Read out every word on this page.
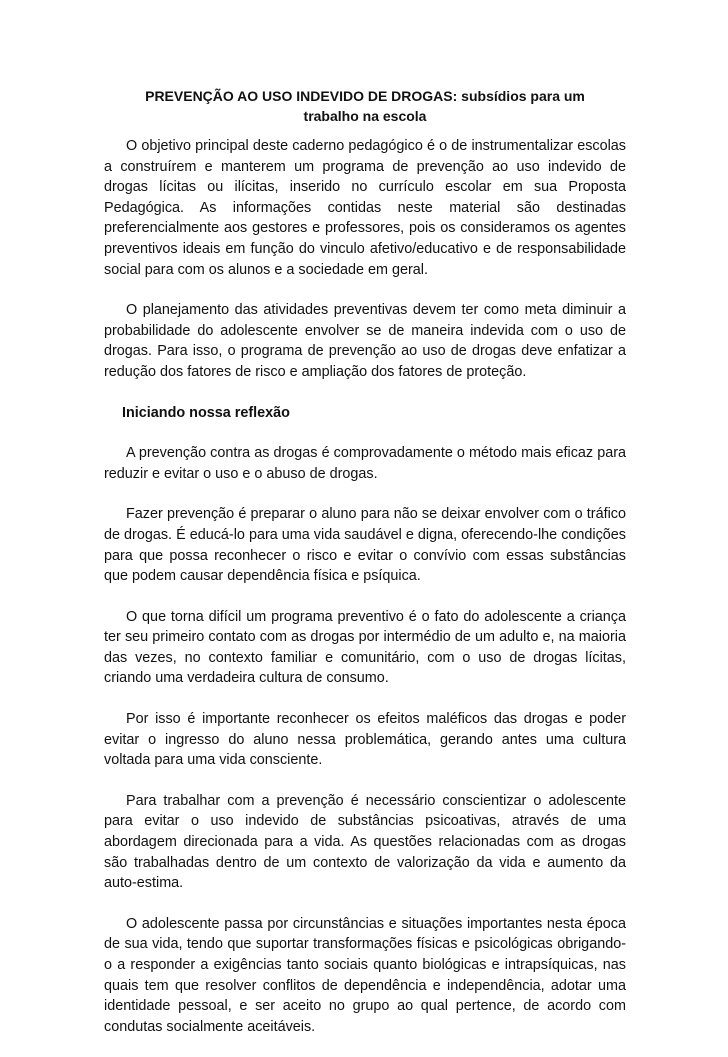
PREVENÇÃO AO USO INDEVIDO DE DROGAS: subsídios para um
trabalho na escola

O objetivo principal deste caderno pedagógico é o de instrumentalizar escolas a construírem e manterem um programa de prevenção ao uso indevido de drogas lícitas ou ilícitas, inserido no currículo escolar em sua Proposta Pedagógica. As informações contidas neste material são destinadas preferencialmente aos gestores e professores, pois os consideramos os agentes preventivos ideais em função do vinculo afetivo/educativo e de responsabilidade social para com os alunos e a sociedade em geral.

O planejamento das atividades preventivas devem ter como meta diminuir a probabilidade do adolescente envolver se de maneira indevida com o uso de drogas. Para isso, o programa de prevenção ao uso de drogas deve enfatizar a redução dos fatores de risco e ampliação dos fatores de proteção.

Iniciando nossa reflexão

A prevenção contra as drogas é comprovadamente o método mais eficaz para reduzir e evitar o uso e o abuso de drogas.

Fazer prevenção é preparar o aluno para não se deixar envolver com o tráfico de drogas. É educá-lo para uma vida saudável e digna, oferecendo-lhe condições para que possa reconhecer o risco e evitar o convívio com essas substâncias que podem causar dependência física e psíquica.

O que torna difícil um programa preventivo é o fato do adolescente a criança ter seu primeiro contato com as drogas por intermédio de um adulto e, na maioria das vezes, no contexto familiar e comunitário, com o uso de drogas lícitas, criando uma verdadeira cultura de consumo.

Por isso é importante reconhecer os efeitos maléficos das drogas e poder evitar o ingresso do aluno nessa problemática, gerando antes uma cultura voltada para uma vida consciente.

Para trabalhar com a prevenção é necessário conscientizar o adolescente para evitar o uso indevido de substâncias psicoativas, através de uma abordagem direcionada para a vida. As questões relacionadas com as drogas são trabalhadas dentro de um contexto de valorização da vida e aumento da auto-estima.

O adolescente passa por circunstâncias e situações importantes nesta época de sua vida, tendo que suportar transformações físicas e psicológicas obrigando-o a responder a exigências tanto sociais quanto biológicas e intrapsíquicas, nas quais tem que resolver conflitos de dependência e independência, adotar uma identidade pessoal, e ser aceito no grupo ao qual pertence, de acordo com condutas socialmente aceitáveis.
